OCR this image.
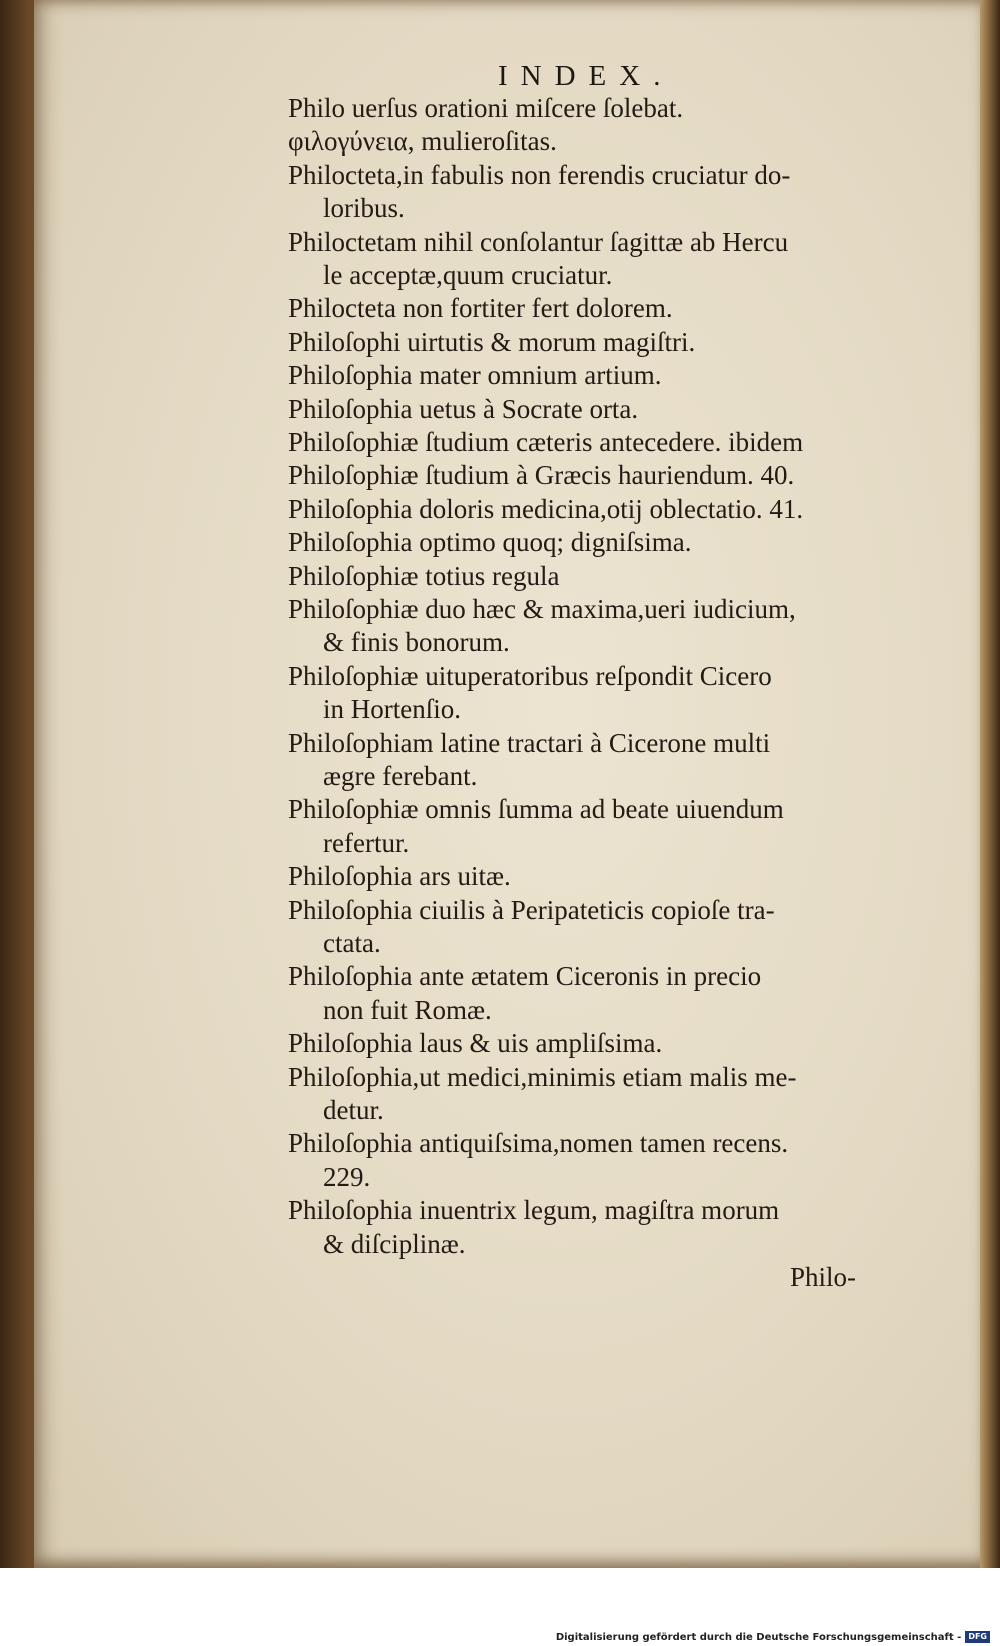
INDEX.
Philo uerſus orationi miſcere ſolebat.
φιλογύνεια, mulieroſitas.
Philocteta,in fabulis non ferendis cruciatur do-
loribus.
Philoctetam nihil conſolantur ſagittæ ab Hercu
le acceptæ,quum cruciatur.
Philocteta non fortiter fert dolorem.
Philoſophi uirtutis & morum magiſtri.
Philoſophia mater omnium artium.
Philoſophia uetus à Socrate orta.
Philoſophiæ ſtudium cæteris antecedere. ibidem
Philoſophiæ ſtudium à Græcis hauriendum. 40.
Philoſophia doloris medicina,otij oblectatio. 41.
Philoſophia optimo quoq; digniſsima.
Philoſophiæ totius regula
Philoſophiæ duo hæc & maxima,ueri iudicium,
& finis bonorum.
Philoſophiæ uituperatoribus reſpondit Cicero
in Hortenſio.
Philoſophiam latine tractari à Cicerone multi
ægre ferebant.
Philoſophiæ omnis ſumma ad beate uiuendum
refertur.
Philoſophia ars uitæ.
Philoſophia ciuilis à Peripateticis copioſe tra-
ctata.
Philoſophia ante ætatem Ciceronis in precio
non fuit Romæ.
Philoſophia laus & uis ampliſsima.
Philoſophia,ut medici,minimis etiam malis me-
detur.
Philoſophia antiquiſsima,nomen tamen recens.
229.
Philoſophia inuentrix legum, magiſtra morum
& diſciplinæ.
Philo-
Digitalisierung gefördert durch die Deutsche Forschungsgemeinschaft - DFG
